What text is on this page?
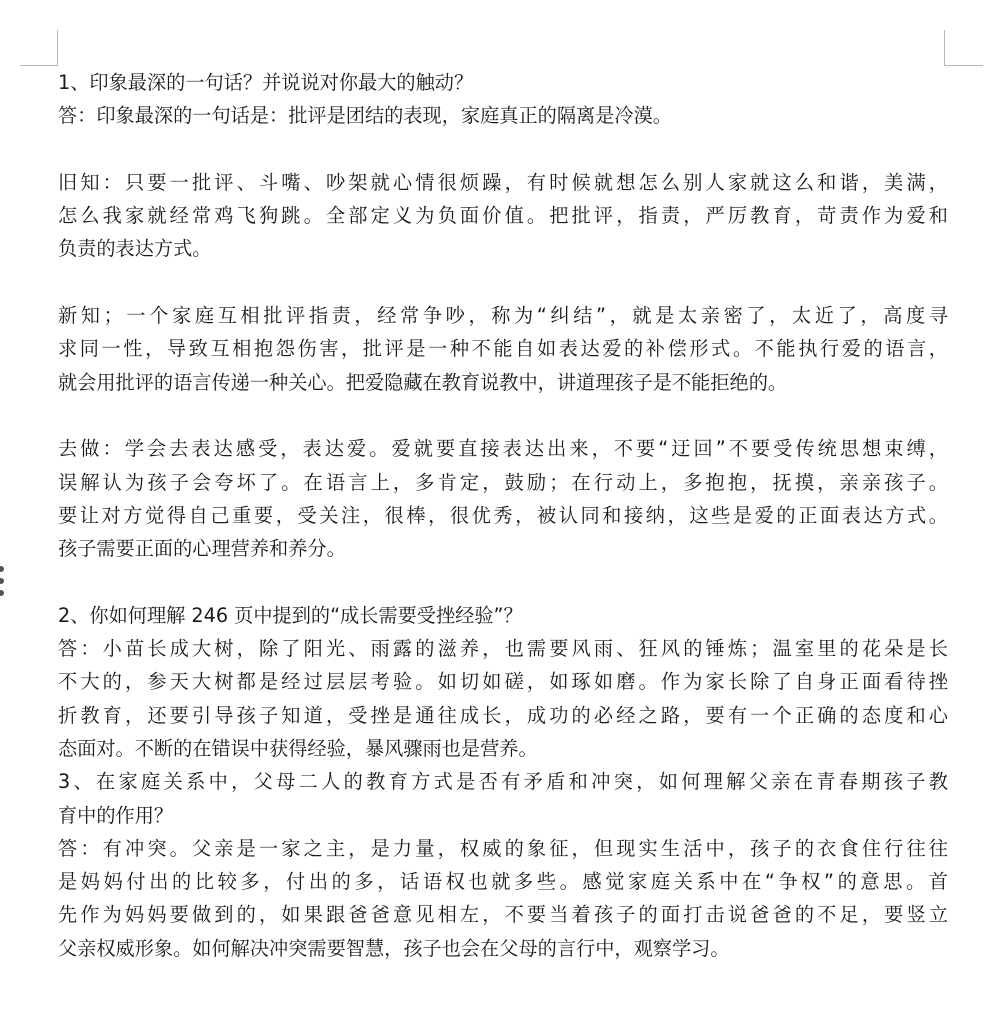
1、印象最深的一句话？并说说对你最大的触动？
答：印象最深的一句话是：批评是团结的表现，家庭真正的隔离是冷漠。
旧知：只要一批评、斗嘴、吵架就心情很烦躁，有时候就想怎么别人家就这么和谐，美满，
怎么我家就经常鸡飞狗跳。全部定义为负面价值。把批评，指责，严厉教育，苛责作为爱和
负责的表达方式。
新知；一个家庭互相批评指责，经常争吵，称为“纠结”，就是太亲密了，太近了，高度寻
求同一性，导致互相抱怨伤害，批评是一种不能自如表达爱的补偿形式。不能执行爱的语言，
就会用批评的语言传递一种关心。把爱隐藏在教育说教中，讲道理孩子是不能拒绝的。
去做：学会去表达感受，表达爱。爱就要直接表达出来，不要“迂回”不要受传统思想束缚，
误解认为孩子会夸坏了。在语言上，多肯定，鼓励；在行动上，多抱抱，抚摸，亲亲孩子。
要让对方觉得自己重要，受关注，很棒，很优秀，被认同和接纳，这些是爱的正面表达方式。
孩子需要正面的心理营养和养分。
2、你如何理解 246 页中提到的“成长需要受挫经验”？
答：小苗长成大树，除了阳光、雨露的滋养，也需要风雨、狂风的锤炼；温室里的花朵是长
不大的，参天大树都是经过层层考验。如切如磋，如琢如磨。作为家长除了自身正面看待挫
折教育，还要引导孩子知道，受挫是通往成长，成功的必经之路，要有一个正确的态度和心
态面对。不断的在错误中获得经验，暴风骤雨也是营养。
3、在家庭关系中，父母二人的教育方式是否有矛盾和冲突，如何理解父亲在青春期孩子教
育中的作用？
答：有冲突。父亲是一家之主，是力量，权威的象征，但现实生活中，孩子的衣食住行往往
是妈妈付出的比较多，付出的多，话语权也就多些。感觉家庭关系中在“争权”的意思。首
先作为妈妈要做到的，如果跟爸爸意见相左，不要当着孩子的面打击说爸爸的不足，要竖立
父亲权威形象。如何解决冲突需要智慧，孩子也会在父母的言行中，观察学习。
